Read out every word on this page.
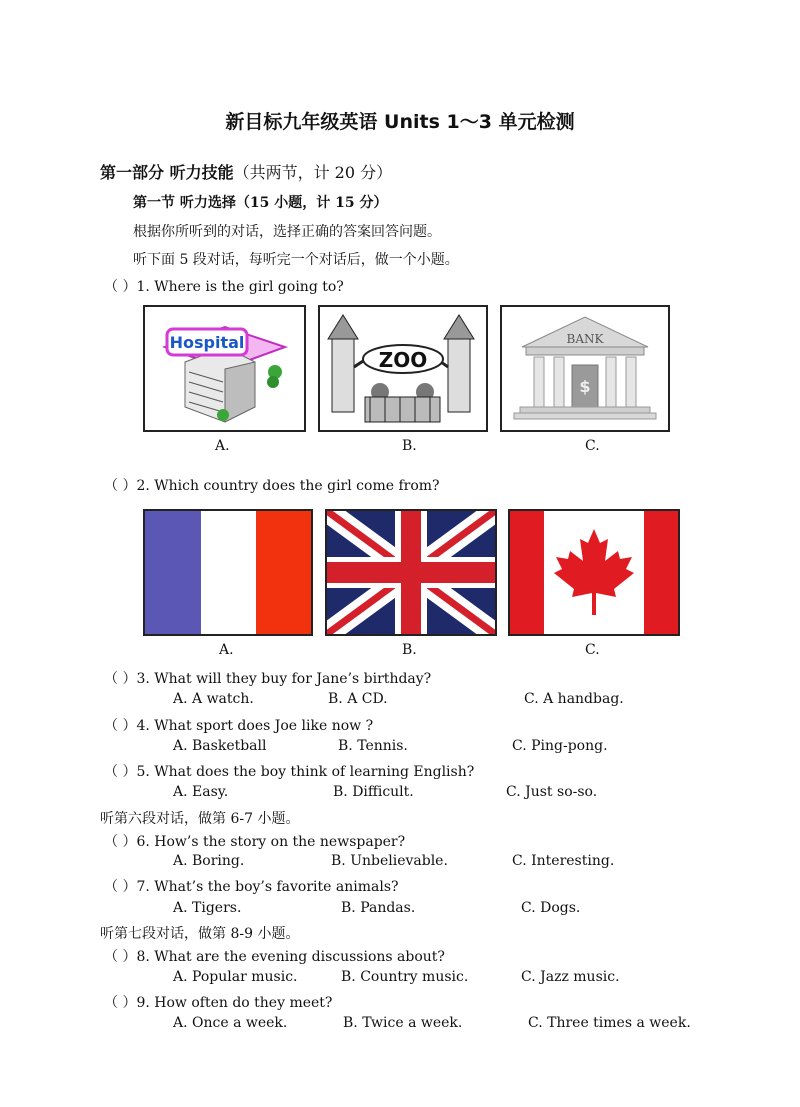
新目标九年级英语 Units 1～3 单元检测
第一部分 听力技能（共两节，计 20 分）
第一节 听力选择（15 小题，计 15 分）
根据你所听到的对话，选择正确的答案回答问题。
听下面 5 段对话，每听完一个对话后，做一个小题。
（ ）1. Where is the girl going to?
Hospital
ZOO
BANK
$
A.	B.	C.
（ ）2. Which country does the girl come from?
A.	B.	C.
（ ）3. What will they buy for Jane’s birthday?
A. A watch.	B. A CD.	C. A handbag.
（ ）4. What sport does Joe like now ?
A. Basketball	B. Tennis.	C. Ping-pong.
（ ）5. What does the boy think of learning English?
A. Easy.	B. Difficult.	C. Just so-so.
听第六段对话，做第 6-7 小题。
（ ）6. How’s the story on the newspaper?
A. Boring.	B. Unbelievable.	C. Interesting.
（ ）7. What’s the boy’s favorite animals?
A. Tigers.	B. Pandas.	C. Dogs.
听第七段对话，做第 8-9 小题。
（ ）8. What are the evening discussions about?
A. Popular music.	B. Country music.	C. Jazz music.
（ ）9. How often do they meet?
A. Once a week.	B. Twice a week.	C. Three times a week.
